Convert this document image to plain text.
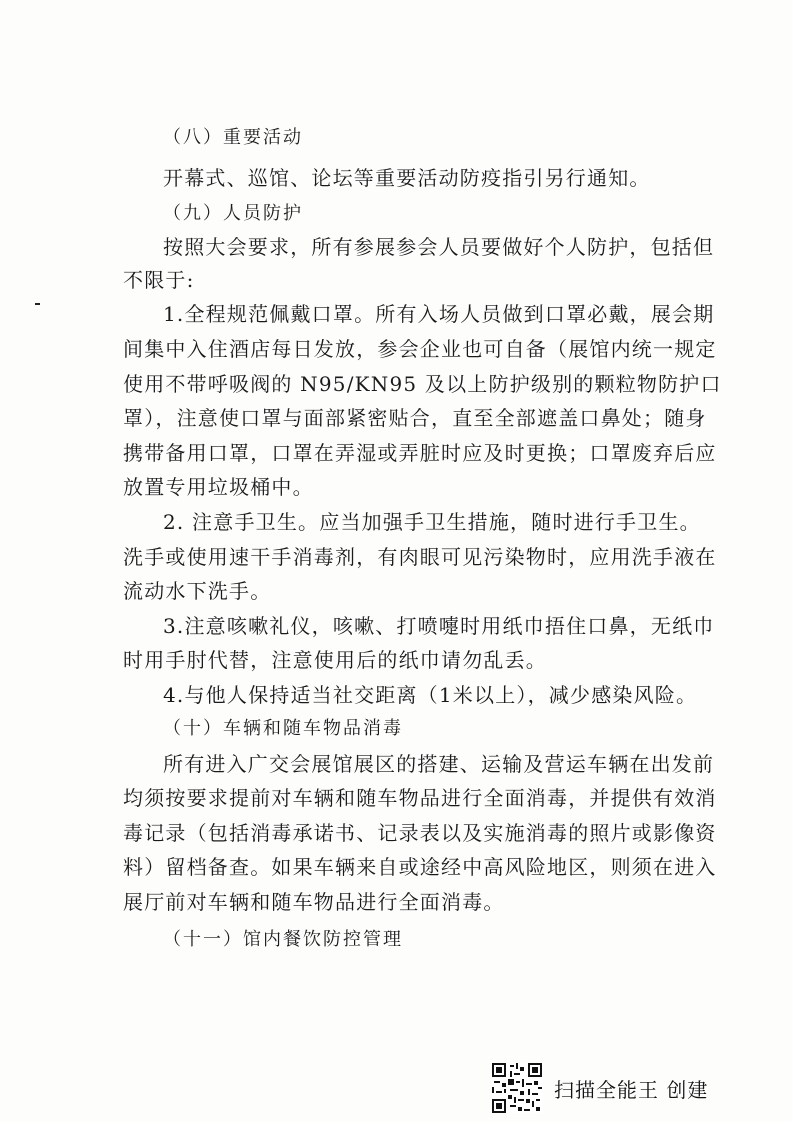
（八）重要活动
开幕式、巡馆、论坛等重要活动防疫指引另行通知。
（九）人员防护
按照大会要求，所有参展参会人员要做好个人防护，包括但
不限于:
1.全程规范佩戴口罩。所有入场人员做到口罩必戴，展会期
间集中入住酒店每日发放，参会企业也可自备（展馆内统一规定
使用不带呼吸阀的 N95/KN95 及以上防护级别的颗粒物防护口
罩），注意使口罩与面部紧密贴合，直至全部遮盖口鼻处；随身
携带备用口罩，口罩在弄湿或弄脏时应及时更换；口罩废弃后应
放置专用垃圾桶中。
2. 注意手卫生。应当加强手卫生措施，随时进行手卫生。
洗手或使用速干手消毒剂，有肉眼可见污染物时，应用洗手液在
流动水下洗手。
3.注意咳嗽礼仪，咳嗽、打喷嚏时用纸巾捂住口鼻，无纸巾
时用手肘代替，注意使用后的纸巾请勿乱丢。
4.与他人保持适当社交距离（1米以上），减少感染风险。
（十）车辆和随车物品消毒
所有进入广交会展馆展区的搭建、运输及营运车辆在出发前
均须按要求提前对车辆和随车物品进行全面消毒，并提供有效消
毒记录（包括消毒承诺书、记录表以及实施消毒的照片或影像资
料）留档备查。如果车辆来自或途经中高风险地区，则须在进入
展厅前对车辆和随车物品进行全面消毒。
（十一）馆内餐饮防控管理
扫描全能王 创建
